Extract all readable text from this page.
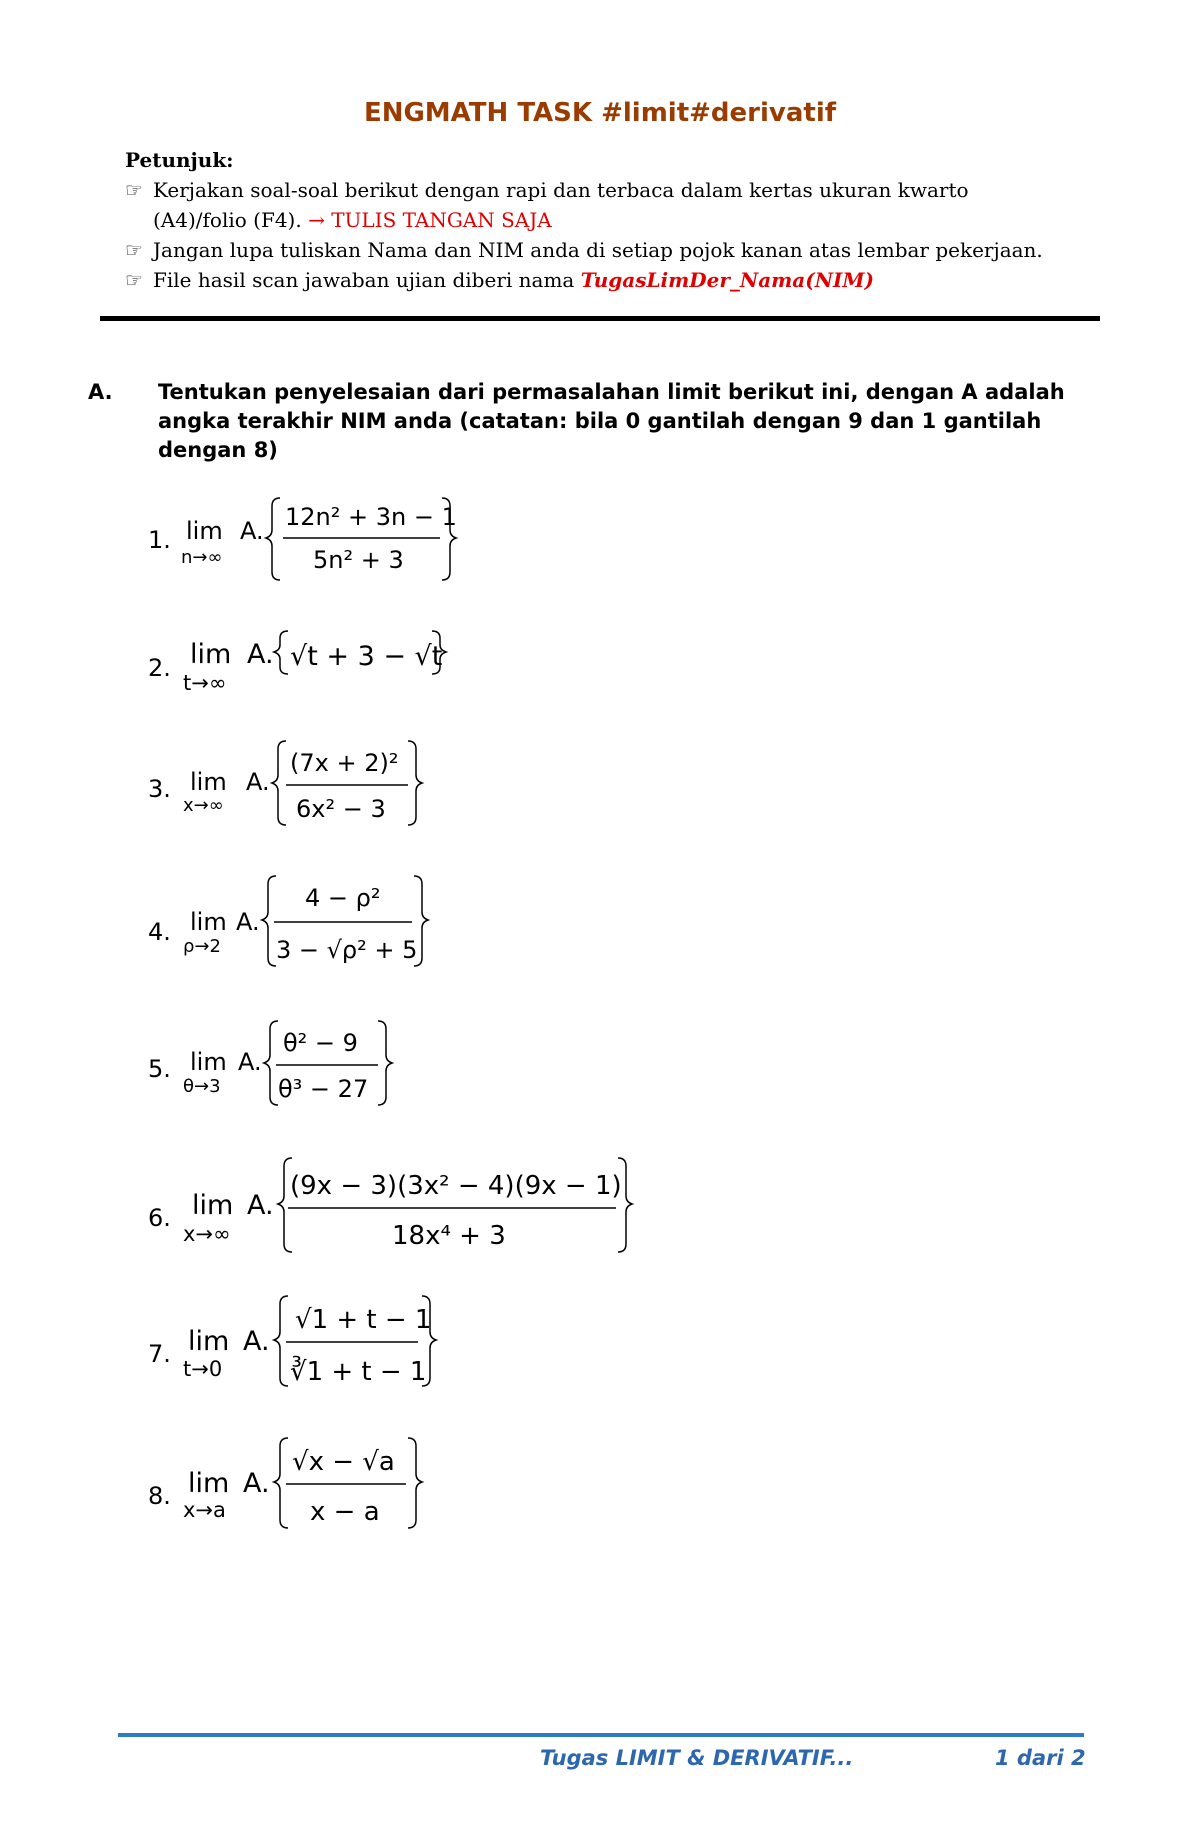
ENGMATH TASK #limit#derivatif
Petunjuk:
☞ Kerjakan soal-soal berikut dengan rapi dan terbaca dalam kertas ukuran kwarto
(A4)/folio (F4). → TULIS TANGAN SAJA
☞ Jangan lupa tuliskan Nama dan NIM anda di setiap pojok kanan atas lembar pekerjaan.
☞ File hasil scan jawaban ujian diberi nama TugasLimDer_Nama(NIM)
A. Tentukan penyelesaian dari permasalahan limit berikut ini, dengan A adalah
angka terakhir NIM anda (catatan: bila 0 gantilah dengan 9 dan 1 gantilah
dengan 8)
1. lim
n→∞
A. 12n² + 3n − 1
5n² + 3
2. lim
t→∞
A. √t + 3 − √t
3. lim
x→∞
A.
(7x + 2)²
6x² − 3
4. lim
ρ→2
A.
4 − ρ²
3 − √ρ² + 5
5. lim
θ→3
A.
θ² − 9
θ³ − 27
6. lim
x→∞
A.
(9x − 3)(3x² − 4)(9x − 1)
18x⁴ + 3
7. lim
t→0
A.
√1 + t − 1
∛1 + t − 1
8. lim
x→a
A.
√x − √a
x − a
Tugas LIMIT & DERIVATIF...	1 dari 2
